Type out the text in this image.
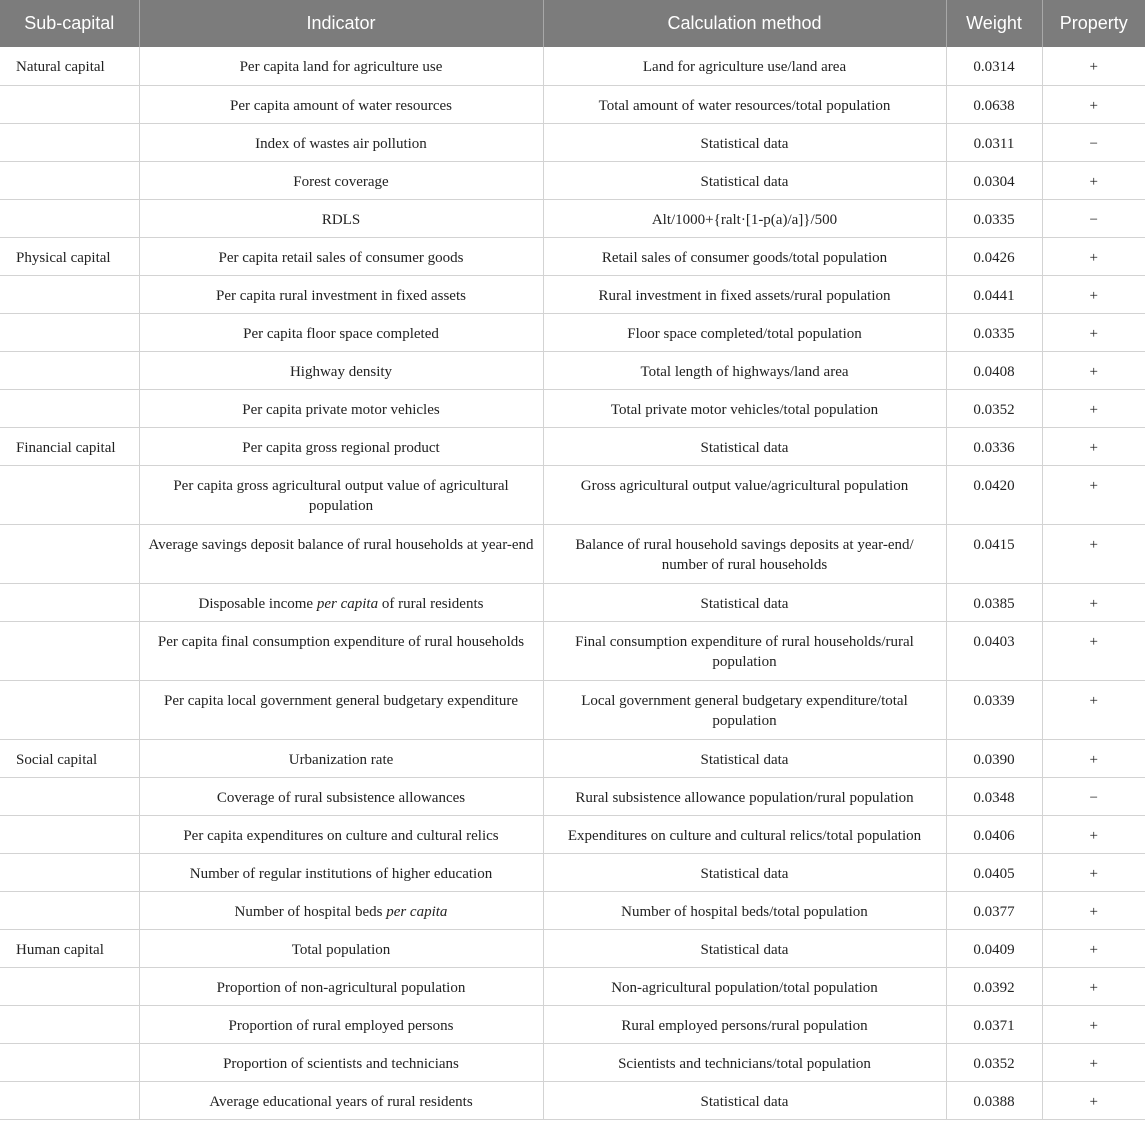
Sub-capital	Indicator	Calculation method	Weight	Property
Natural capital	Per capita land for agriculture use	Land for agriculture use/land area	0.0314	+
	Per capita amount of water resources	Total amount of water resources/total population	0.0638	+
	Index of wastes air pollution	Statistical data	0.0311	−
	Forest coverage	Statistical data	0.0304	+
	RDLS	Alt/1000+{ralt·[1-p(a)/a]}/500	0.0335	−
Physical capital	Per capita retail sales of consumer goods	Retail sales of consumer goods/total population	0.0426	+
	Per capita rural investment in fixed assets	Rural investment in fixed assets/rural population	0.0441	+
	Per capita floor space completed	Floor space completed/total population	0.0335	+
	Highway density	Total length of highways/land area	0.0408	+
	Per capita private motor vehicles	Total private motor vehicles/total population	0.0352	+
Financial capital	Per capita gross regional product	Statistical data	0.0336	+
	Per capita gross agricultural output value of agricultural population	Gross agricultural output value/agricultural population	0.0420	+
	Average savings deposit balance of rural households at year-end	Balance of rural household savings deposits at year-end/ number of rural households	0.0415	+
	Disposable income per capita of rural residents	Statistical data	0.0385	+
	Per capita final consumption expenditure of rural households	Final consumption expenditure of rural households/rural population	0.0403	+
	Per capita local government general budgetary expenditure	Local government general budgetary expenditure/total population	0.0339	+
Social capital	Urbanization rate	Statistical data	0.0390	+
	Coverage of rural subsistence allowances	Rural subsistence allowance population/rural population	0.0348	−
	Per capita expenditures on culture and cultural relics	Expenditures on culture and cultural relics/total population	0.0406	+
	Number of regular institutions of higher education	Statistical data	0.0405	+
	Number of hospital beds per capita	Number of hospital beds/total population	0.0377	+
Human capital	Total population	Statistical data	0.0409	+
	Proportion of non-agricultural population	Non-agricultural population/total population	0.0392	+
	Proportion of rural employed persons	Rural employed persons/rural population	0.0371	+
	Proportion of scientists and technicians	Scientists and technicians/total population	0.0352	+
	Average educational years of rural residents	Statistical data	0.0388	+
